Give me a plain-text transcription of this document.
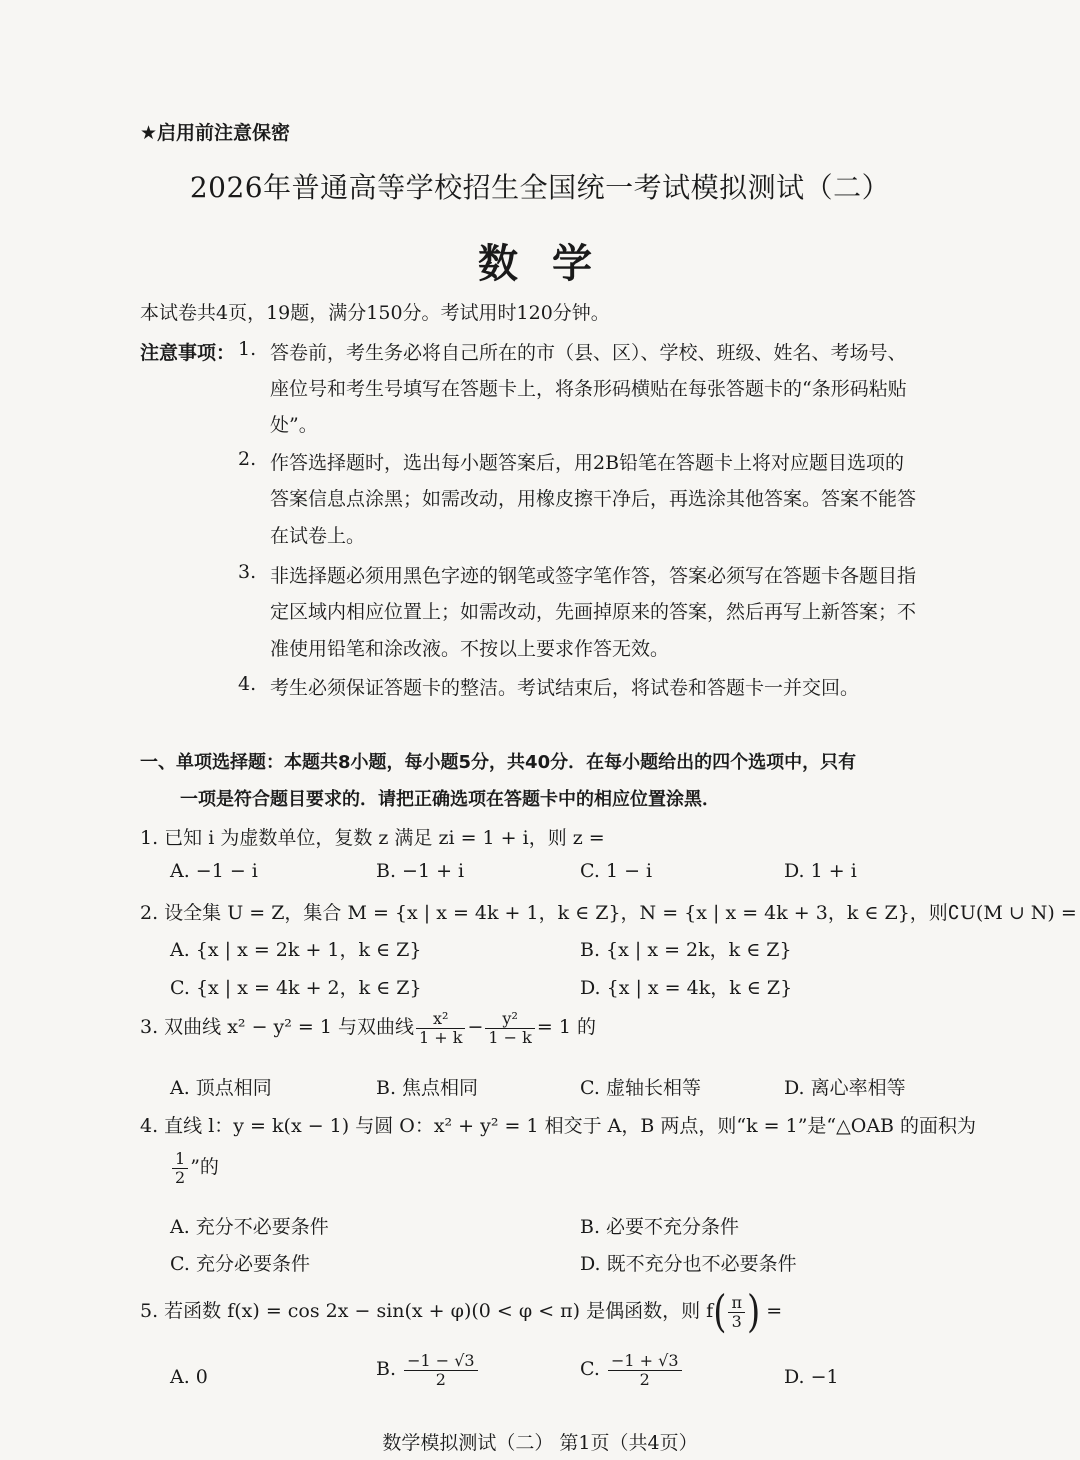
★启用前注意保密
2026年普通高等学校招生全国统一考试模拟测试（二）
数 学
本试卷共4页，19题，满分150分。考试用时120分钟。
注意事项： 1. 答卷前，考生务必将自己所在的市（县、区）、学校、班级、姓名、考场号、
座位号和考生号填写在答题卡上，将条形码横贴在每张答题卡的“条形码粘贴
处”。
2. 作答选择题时，选出每小题答案后，用2B铅笔在答题卡上将对应题目选项的
答案信息点涂黑；如需改动，用橡皮擦干净后，再选涂其他答案。答案不能答
在试卷上。
3. 非选择题必须用黑色字迹的钢笔或签字笔作答，答案必须写在答题卡各题目指
定区域内相应位置上；如需改动，先画掉原来的答案，然后再写上新答案；不
准使用铅笔和涂改液。不按以上要求作答无效。
4. 考生必须保证答题卡的整洁。考试结束后，将试卷和答题卡一并交回。
一、单项选择题：本题共8小题，每小题5分，共40分．在每小题给出的四个选项中，只有
一项是符合题目要求的．请把正确选项在答题卡中的相应位置涂黑．
1. 已知 i 为虚数单位，复数 z 满足 zi = 1 + i，则 z =
A. −1 − i	B. −1 + i	C. 1 − i	D. 1 + i
2. 设全集 U = Z，集合 M = {x | x = 4k + 1，k ∈ Z}，N = {x | x = 4k + 3，k ∈ Z}，则∁U(M ∪ N) =
A. {x | x = 2k + 1，k ∈ Z}	B. {x | x = 2k，k ∈ Z}
C. {x | x = 4k + 2，k ∈ Z}	D. {x | x = 4k，k ∈ Z}
3. 双曲线 x² − y² = 1 与双曲线 $\frac{\text{x²}}{1 + k} - \frac{\text{y²}}{1 - k} = 1$ 的
A. 顶点相同	B. 焦点相同	C. 虚轴长相等	D. 离心率相等
4. 直线 l：y = k(x − 1) 与圆 O：x² + y² = 1 相交于 A，B 两点，则“k = 1”是“△OAB 的面积为
$\frac{1}{2}$ ”的
A. 充分不必要条件	B. 必要不充分条件
C. 充分必要条件	D. 既不充分也不必要条件
5. 若函数 f(x) = cos 2x − sin(x + φ)(0 < φ < π) 是偶函数，则 $f( \frac{\pi}{3}$ ) =
A. 0	B. $\frac{-1 - √3}{2}$	C. $\frac{-1 + √3}{2}$	D. −1
数学模拟测试（二） 第1页（共4页）
